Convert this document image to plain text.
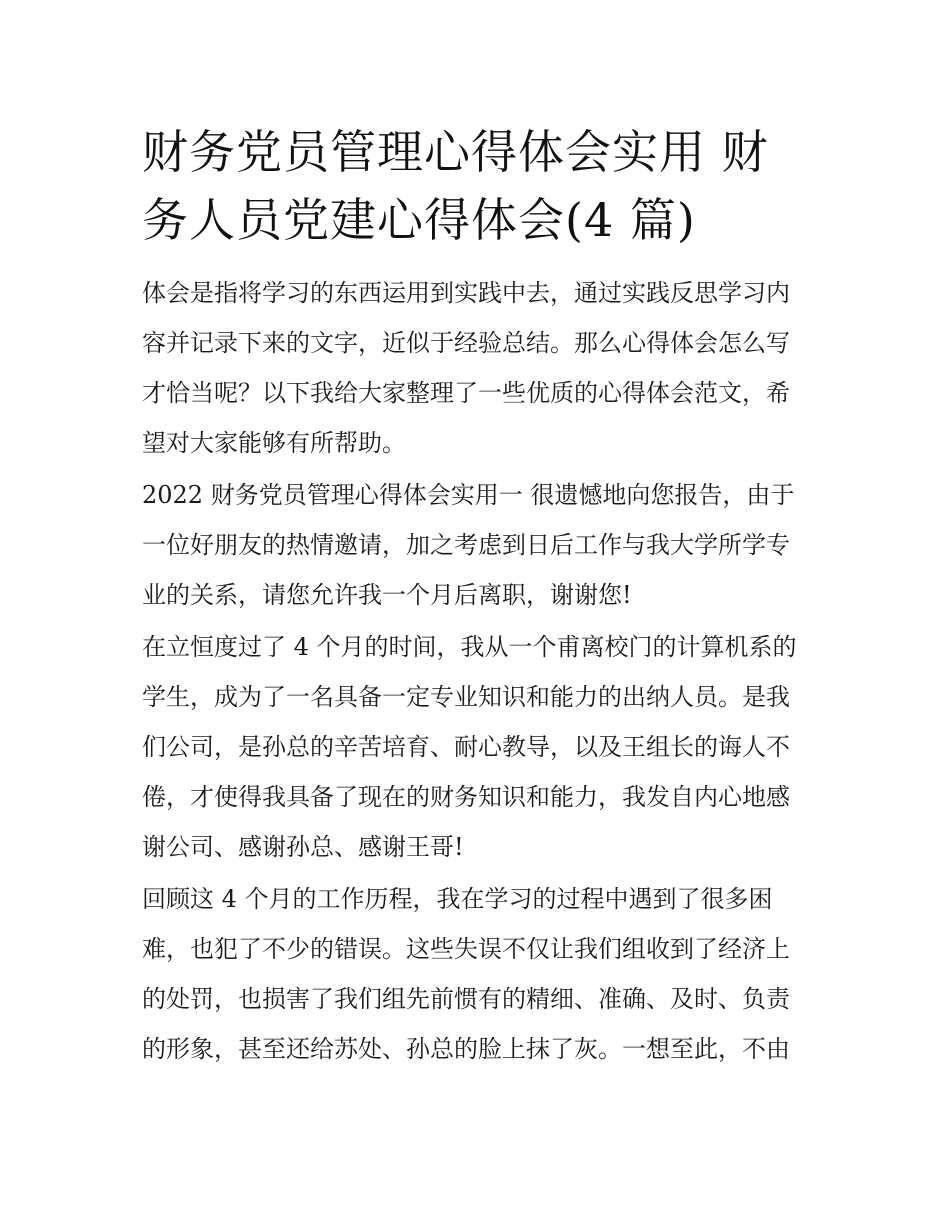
财务党员管理心得体会实用 财
务人员党建心得体会(4 篇)

体会是指将学习的东西运用到实践中去，通过实践反思学习内
容并记录下来的文字，近似于经验总结。那么心得体会怎么写
才恰当呢？以下我给大家整理了一些优质的心得体会范文，希
望对大家能够有所帮助。

2022 财务党员管理心得体会实用一 很遗憾地向您报告，由于
一位好朋友的热情邀请，加之考虑到日后工作与我大学所学专
业的关系，请您允许我一个月后离职，谢谢您!

在立恒度过了 4 个月的时间，我从一个甫离校门的计算机系的
学生，成为了一名具备一定专业知识和能力的出纳人员。是我
们公司，是孙总的辛苦培育、耐心教导，以及王组长的诲人不
倦，才使得我具备了现在的财务知识和能力，我发自内心地感
谢公司、感谢孙总、感谢王哥!

回顾这 4 个月的工作历程，我在学习的过程中遇到了很多困
难，也犯了不少的错误。这些失误不仅让我们组收到了经济上
的处罚，也损害了我们组先前惯有的精细、准确、及时、负责
的形象，甚至还给苏处、孙总的脸上抹了灰。一想至此，不由
